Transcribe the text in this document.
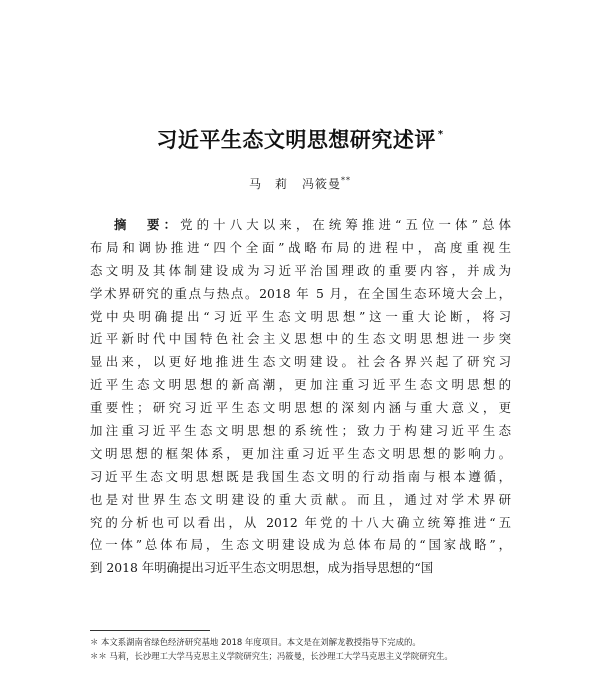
习近平生态文明思想研究述评 *
马　莉 冯筱曼**
摘　要：党的十八大以来，在统筹推进“五位一体”总体
布局和调协推进“四个全面”战略布局的进程中，高度重视生
态文明及其体制建设成为习近平治国理政的重要内容，并成为
学术界研究的重点与热点。2018 年 5 月，在全国生态环境大会上，
党中央明确提出“习近平生态文明思想”这一重大论断，将习
近平新时代中国特色社会主义思想中的生态文明思想进一步突
显出来，以更好地推进生态文明建设。社会各界兴起了研究习
近平生态文明思想的新高潮，更加注重习近平生态文明思想的
重要性；研究习近平生态文明思想的深刻内涵与重大意义，更
加注重习近平生态文明思想的系统性；致力于构建习近平生态
文明思想的框架体系，更加注重习近平生态文明思想的影响力。
习近平生态文明思想既是我国生态文明的行动指南与根本遵循，
也是对世界生态文明建设的重大贡献。而且，通过对学术界研
究的分析也可以看出，从 2012 年党的十八大确立统筹推进“五
位一体”总体布局，生态文明建设成为总体布局的“国家战略”，
到 2018 年明确提出习近平生态文明思想，成为指导思想的“国
＊ 本文系湖南省绿色经济研究基地 2018 年度项目。本文是在刘解龙教授指导下完成的。
＊＊ 马莉，长沙理工大学马克思主义学院研究生；冯筱曼，长沙理工大学马克思主义学院研究生。
